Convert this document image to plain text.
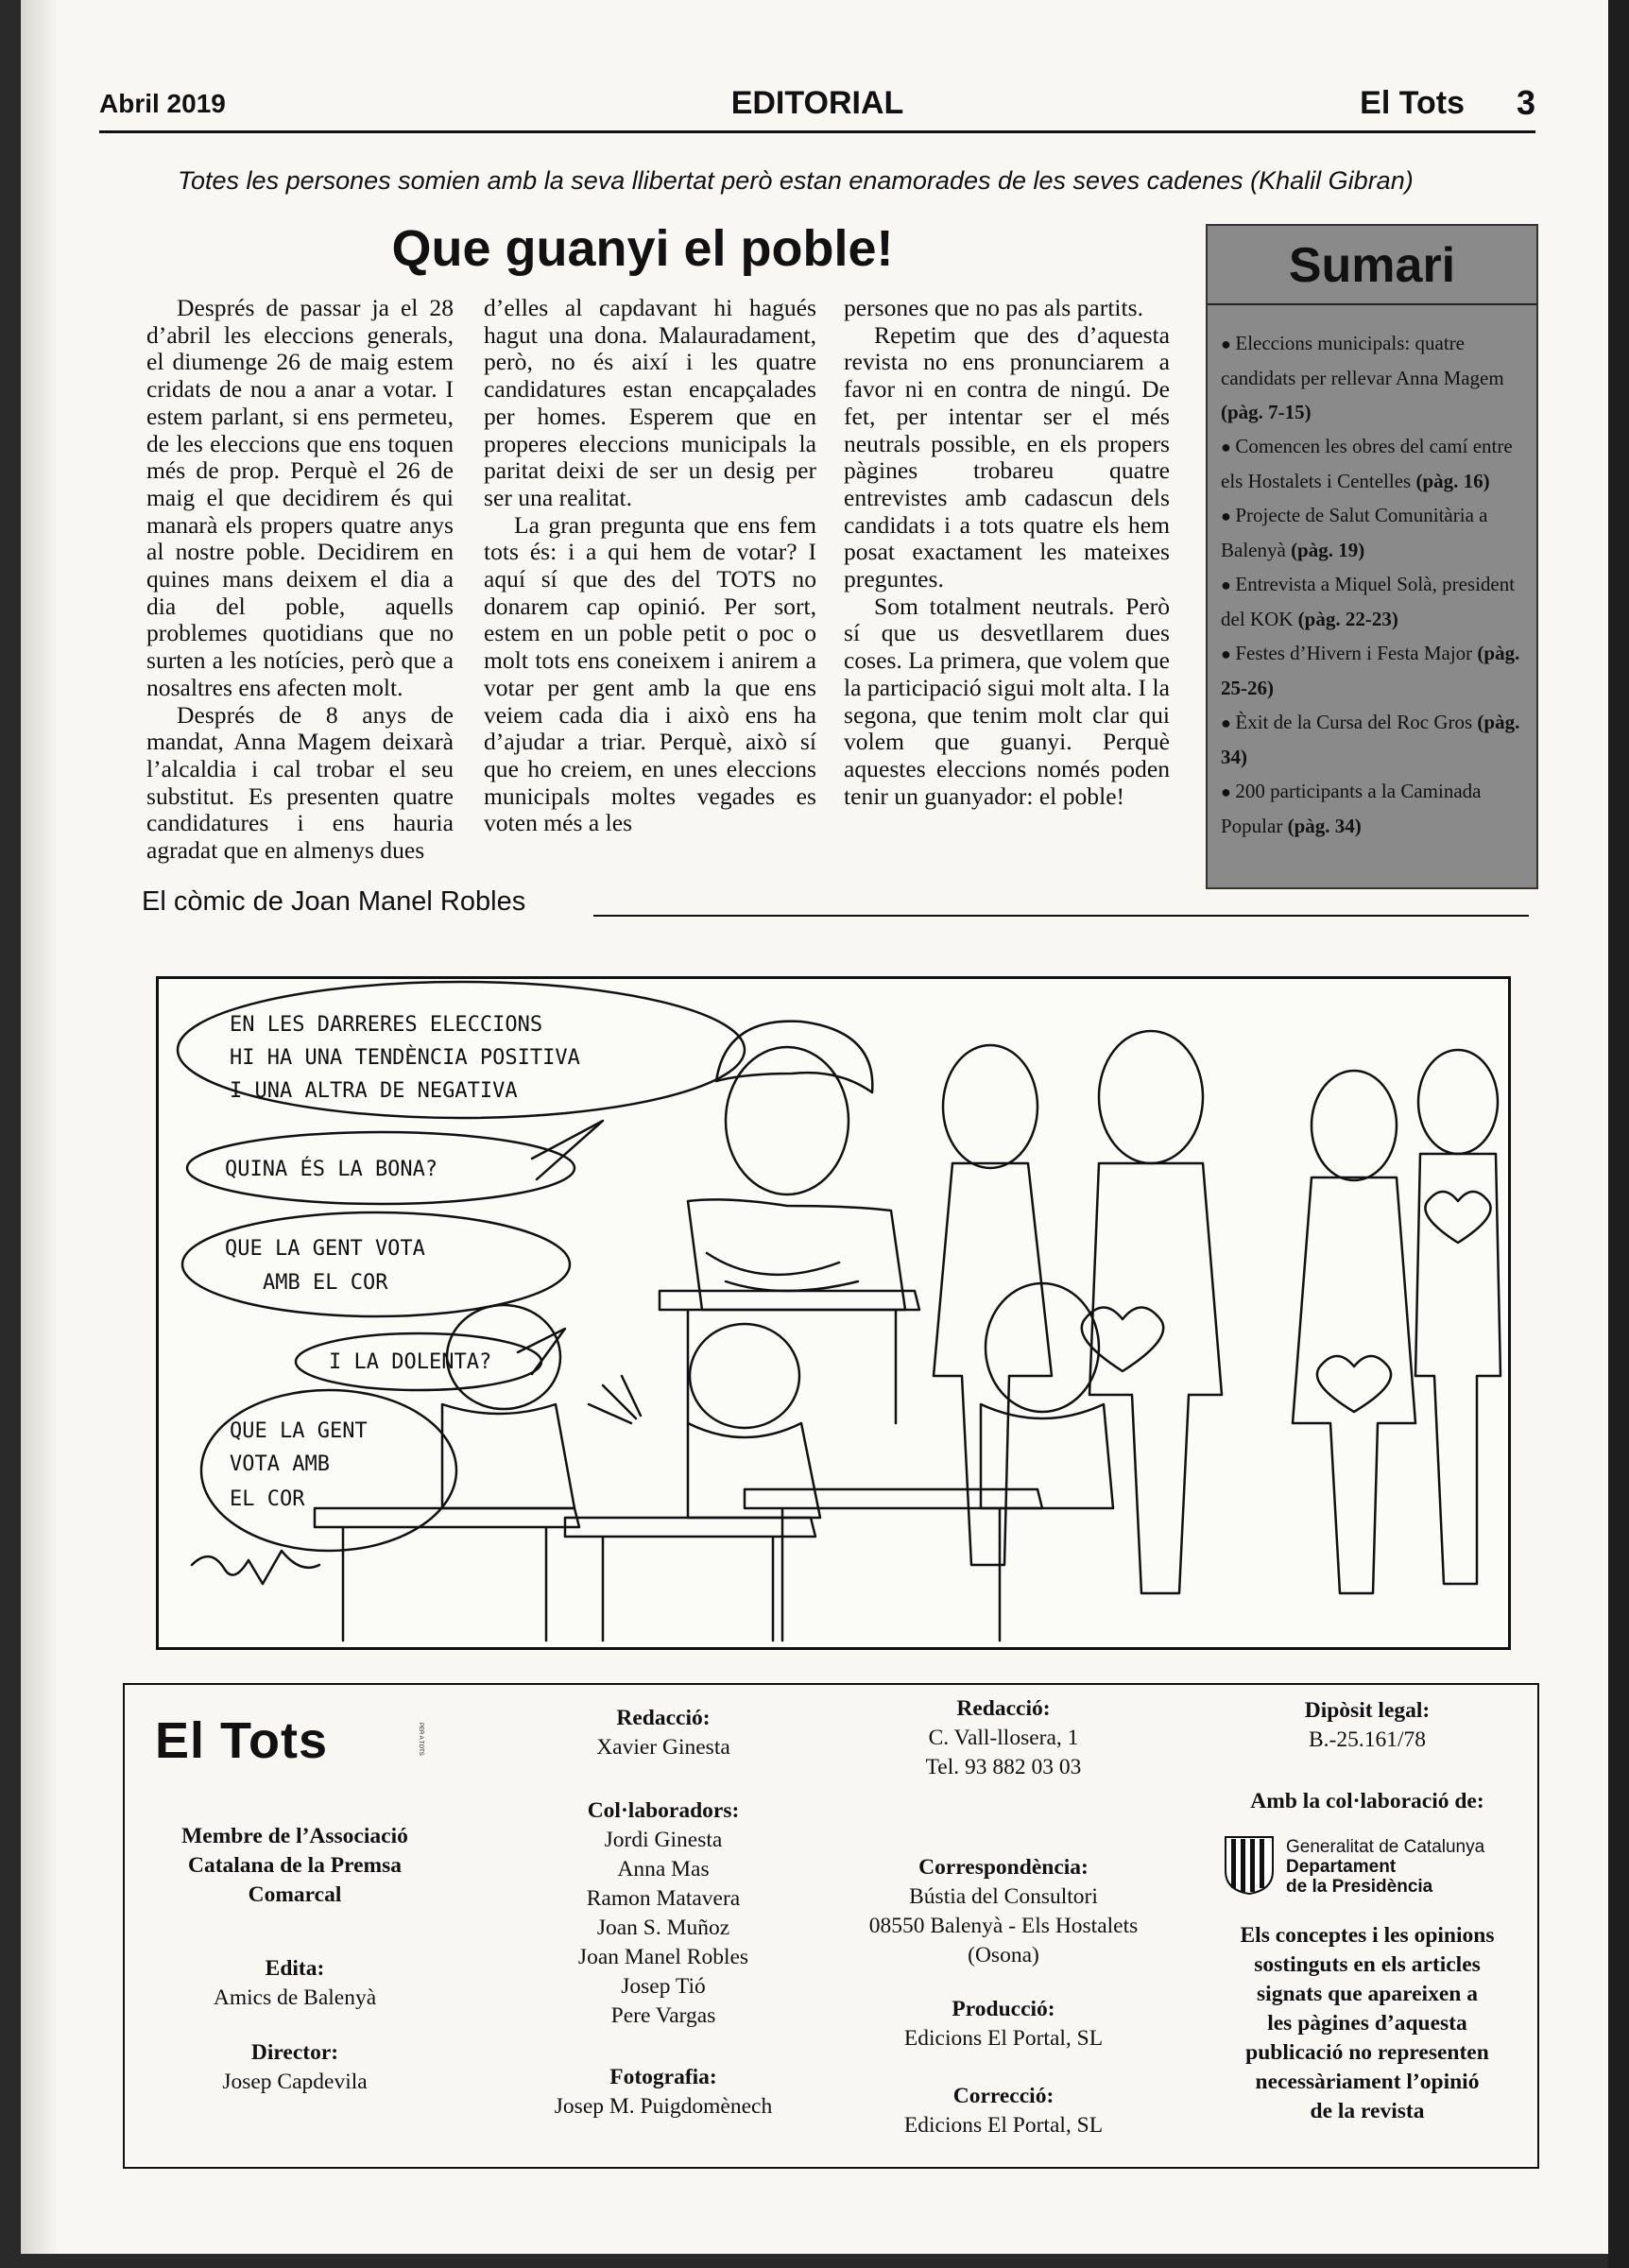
Abril 2019	EDITORIAL	El Tots 3
Totes les persones somien amb la seva llibertat però estan enamorades de les seves cadenes (Khalil Gibran)
Que guanyi el poble!

Després de passar ja el 28 d’abril les eleccions generals, el diumenge 26 de maig estem cridats de nou a anar a votar. I estem parlant, si ens permeteu, de les eleccions que ens toquen més de prop. Perquè el 26 de maig el que decidirem és qui manarà els propers quatre anys al nostre poble. Decidirem en quines mans deixem el dia a dia del poble, aquells problemes quotidians que no surten a les notícies, però que a nosaltres ens afecten molt.

Després de 8 anys de mandat, Anna Magem deixarà l’alcaldia i cal trobar el seu substitut. Es presenten quatre candidatures i ens hauria agradat que en almenys dues

d’elles al capdavant hi hagués hagut una dona. Malauradament, però, no és així i les quatre candidatures estan encapçalades per homes. Esperem que en properes eleccions municipals la paritat deixi de ser un desig per ser una realitat.

La gran pregunta que ens fem tots és: i a qui hem de votar? I aquí sí que des del TOTS no donarem cap opinió. Per sort, estem en un poble petit o poc o molt tots ens coneixem i anirem a votar per gent amb la que ens veiem cada dia i això ens ha d’ajudar a triar. Perquè, això sí que ho creiem, en unes eleccions municipals moltes vegades es voten més a les

persones que no pas als partits.

Repetim que des d’aquesta revista no ens pronunciarem a favor ni en contra de ningú. De fet, per intentar ser el més neutrals possible, en els propers pàgines trobareu quatre entrevistes amb cadascun dels candidats i a tots quatre els hem posat exactament les mateixes preguntes.

Som totalment neutrals. Però sí que us desvetllarem dues coses. La primera, que volem que la participació sigui molt alta. I la segona, que tenim molt clar qui volem que guanyi. Perquè aquestes eleccions només poden tenir un guanyador: el poble!

Sumari
● Eleccions municipals: quatre candidats per rellevar Anna Magem (pàg. 7-15)
● Comencen les obres del camí entre els Hostalets i Centelles (pàg. 16)
● Projecte de Salut Comunitària a Balenyà (pàg. 19)
● Entrevista a Miquel Solà, president del KOK (pàg. 22-23)
● Festes d’Hivern i Festa Major (pàg. 25-26)
● Èxit de la Cursa del Roc Gros (pàg. 34)
● 200 participants a la Caminada Popular (pàg. 34)
El còmic de Joan Manel Robles
EN LES DARRERES ELECCIONS
HI HA UNA TENDÈNCIA POSITIVA
I UNA ALTRA DE NEGATIVA
QUINA ÉS LA BONA?
QUE LA GENT VOTA
AMB EL COR
I LA DOLENTA?
QUE LA GENT
VOTA AMB
EL COR
El Tots	PER A TOTS
Membre de l’Associació
Catalana de la Premsa
Comarcal
Edita:
Amics de Balenyà
Director:
Josep Capdevila
Redacció:
Xavier Ginesta
Col·laboradors:
Jordi Ginesta
Anna Mas
Ramon Matavera
Joan S. Muñoz
Joan Manel Robles
Josep Tió
Pere Vargas
Fotografia:
Josep M. Puigdomènech
Redacció:
C. Vall-llosera, 1
Tel. 93 882 03 03
Correspondència:
Bústia del Consultori
08550 Balenyà - Els Hostalets
(Osona)
Producció:
Edicions El Portal, SL
Correcció:
Edicions El Portal, SL
Dipòsit legal:
B.-25.161/78
Amb la col·laboració de:
Generalitat de Catalunya
Departament
de la Presidència
Els conceptes i les opinions
sostinguts en els articles
signats que apareixen a
les pàgines d’aquesta
publicació no representen
necessàriament l’opinió
de la revista
